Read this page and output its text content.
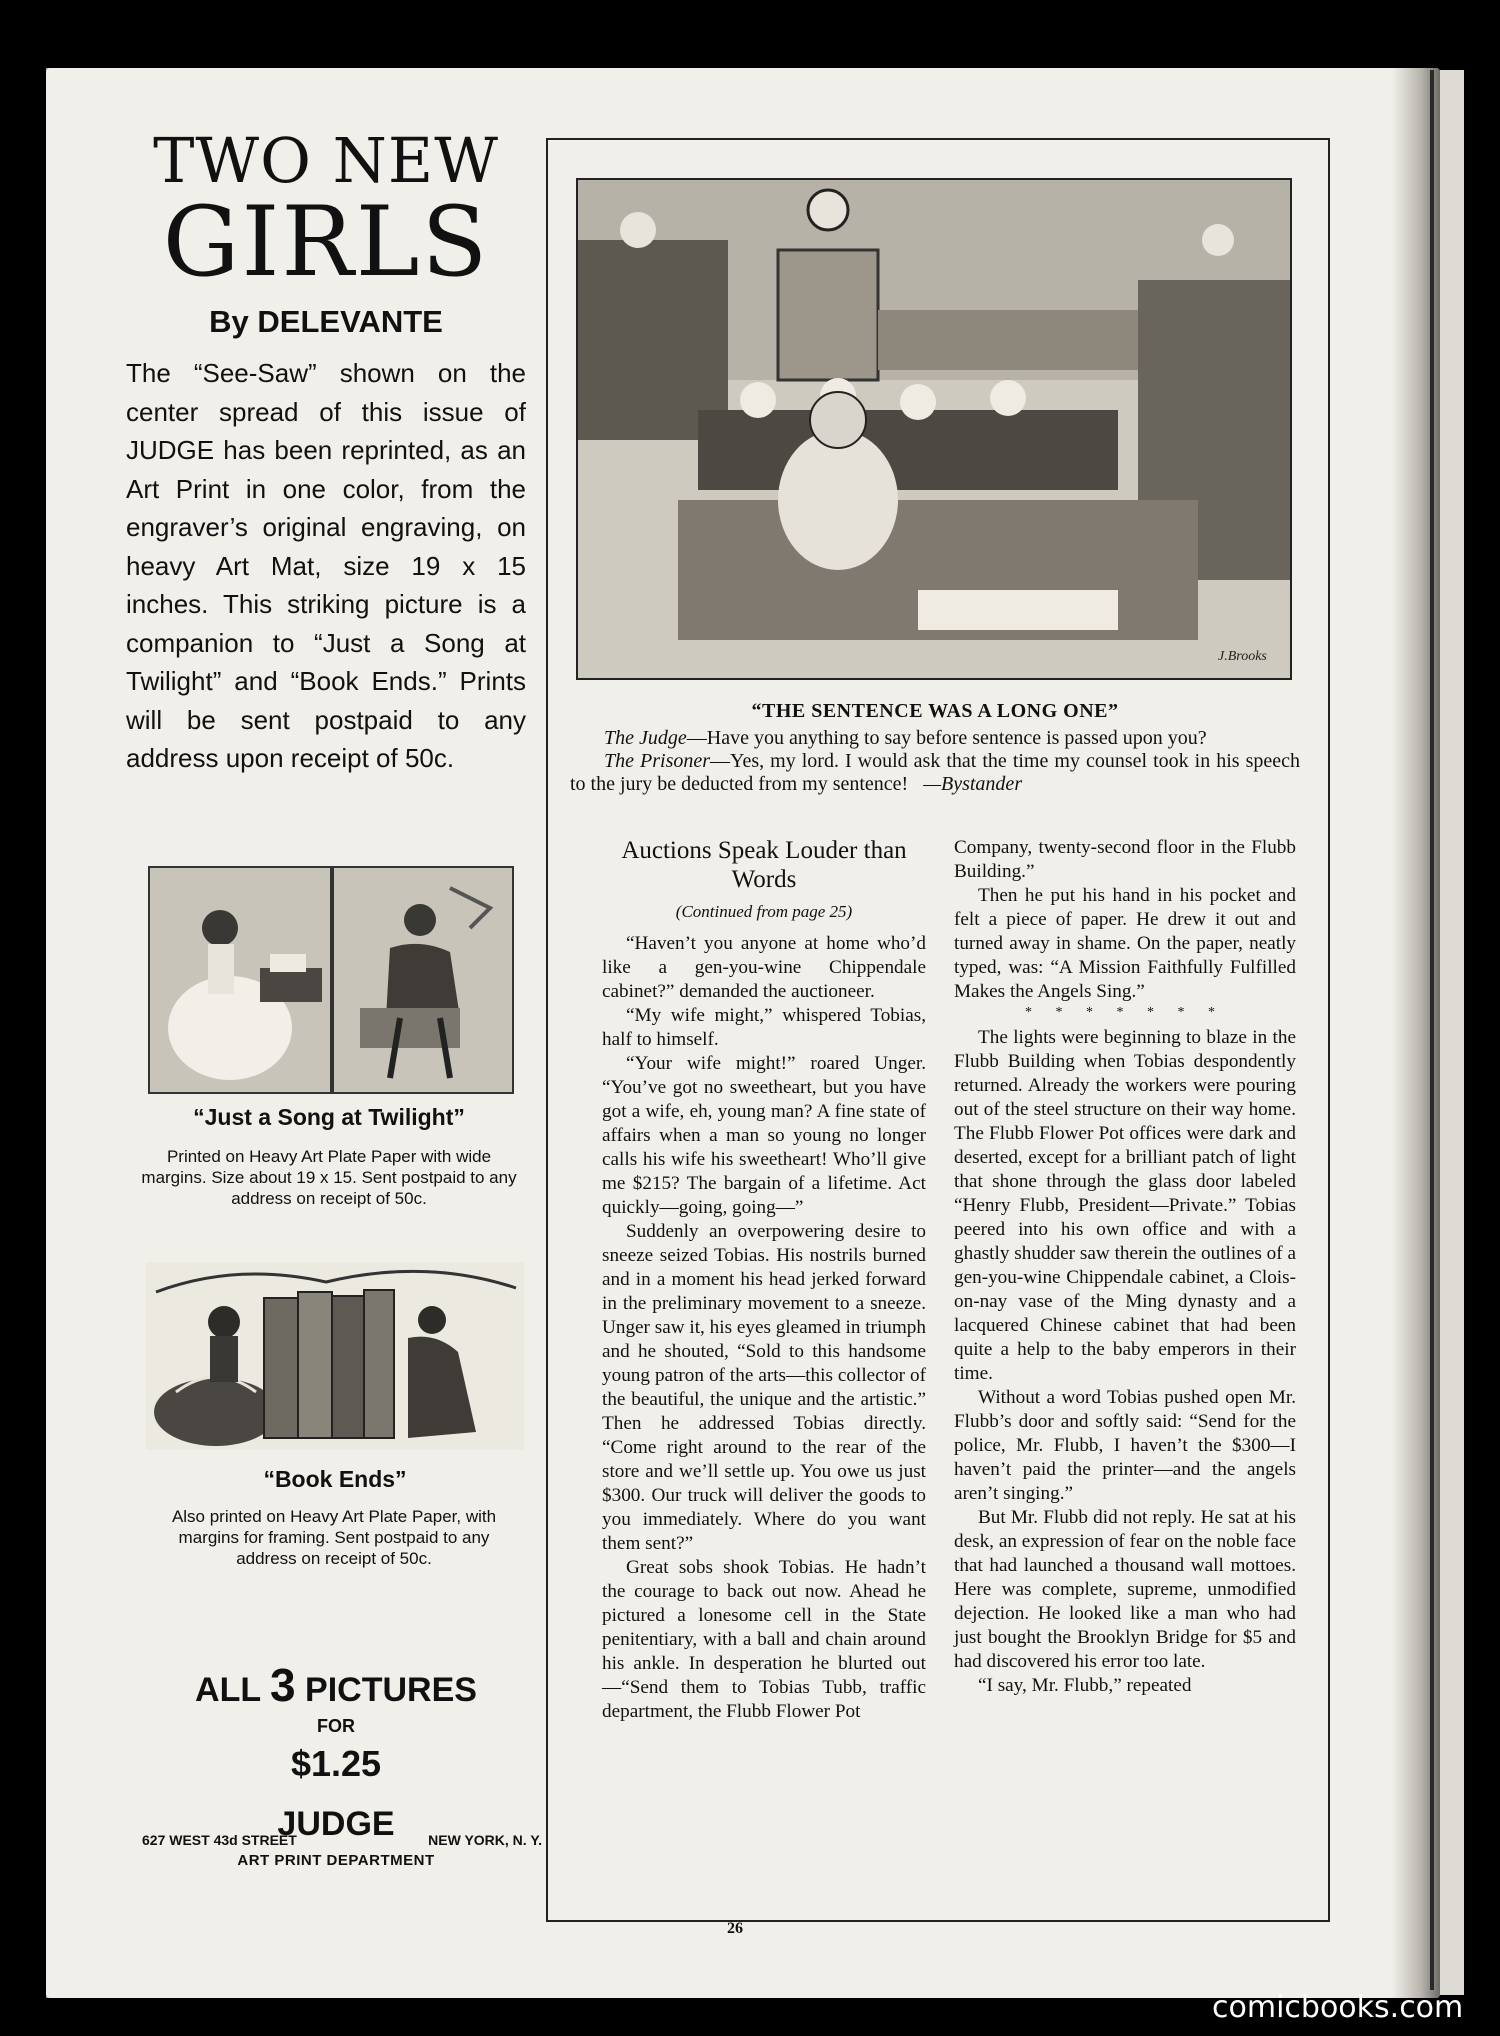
TWO NEW
GIRLS
By DELEVANTE
The “See-Saw” shown on the center spread of this issue of JUDGE has been reprinted, as an Art Print in one color, from the engraver’s original engraving, on heavy Art Mat, size 19 x 15 inches. This striking picture is a companion to “Just a Song at Twilight” and “Book Ends.” Prints will be sent postpaid to any address upon receipt of 50c.
“Just a Song at Twilight”
Printed on Heavy Art Plate Paper with wide margins. Size about 19 x 15. Sent postpaid to any address on receipt of 50c.
“Book Ends”
Also printed on Heavy Art Plate Paper, with margins for framing. Sent postpaid to any address on receipt of 50c.
ALL 3 PICTURES
FOR
$1.25
JUDGE
ART PRINT DEPARTMENT
627 WEST 43d STREET	NEW YORK, N. Y.
J.Brooks
“THE SENTENCE WAS A LONG ONE”

The Judge—Have you anything to say before sentence is passed upon you?

The Prisoner—Yes, my lord. I would ask that the time my counsel took in his speech to the jury be deducted from my sentence! —Bystander

Auctions Speak Louder than Words
(Continued from page 25)

“Haven’t you anyone at home who’d like a gen-you-wine Chippendale cabinet?” demanded the auctioneer.

“My wife might,” whispered Tobias, half to himself.

“Your wife might!” roared Unger. “You’ve got no sweetheart, but you have got a wife, eh, young man? A fine state of affairs when a man so young no longer calls his wife his sweetheart! Who’ll give me $215? The bargain of a lifetime. Act quickly—going, going—”

Suddenly an overpowering desire to sneeze seized Tobias. His nostrils burned and in a moment his head jerked forward in the preliminary movement to a sneeze. Unger saw it, his eyes gleamed in triumph and he shouted, “Sold to this handsome young patron of the arts—this collector of the beautiful, the unique and the artistic.” Then he addressed Tobias directly. “Come right around to the rear of the store and we’ll settle up. You owe us just $300. Our truck will deliver the goods to you immediately. Where do you want them sent?”

Great sobs shook Tobias. He hadn’t the courage to back out now. Ahead he pictured a lonesome cell in the State penitentiary, with a ball and chain around his ankle. In desperation he blurted out—“Send them to Tobias Tubb, traffic department, the Flubb Flower Pot

Company, twenty-second floor in the Flubb Building.”

Then he put his hand in his pocket and felt a piece of paper. He drew it out and turned away in shame. On the paper, neatly typed, was: “A Mission Faithfully Fulfilled Makes the Angels Sing.”

* * * * * * *

The lights were beginning to blaze in the Flubb Building when Tobias despondently returned. Already the workers were pouring out of the steel structure on their way home. The Flubb Flower Pot offices were dark and deserted, except for a brilliant patch of light that shone through the glass door labeled “Henry Flubb, President—Private.” Tobias peered into his own office and with a ghastly shudder saw therein the outlines of a gen-you-wine Chippendale cabinet, a Clois-on-nay vase of the Ming dynasty and a lacquered Chinese cabinet that had been quite a help to the baby emperors in their time.

Without a word Tobias pushed open Mr. Flubb’s door and softly said: “Send for the police, Mr. Flubb, I haven’t the $300—I haven’t paid the printer—and the angels aren’t singing.”

But Mr. Flubb did not reply. He sat at his desk, an expression of fear on the noble face that had launched a thousand wall mottoes. Here was complete, supreme, unmodified dejection. He looked like a man who had just bought the Brooklyn Bridge for $5 and had discovered his error too late.

“I say, Mr. Flubb,” repeated

26
comicbooks.com
